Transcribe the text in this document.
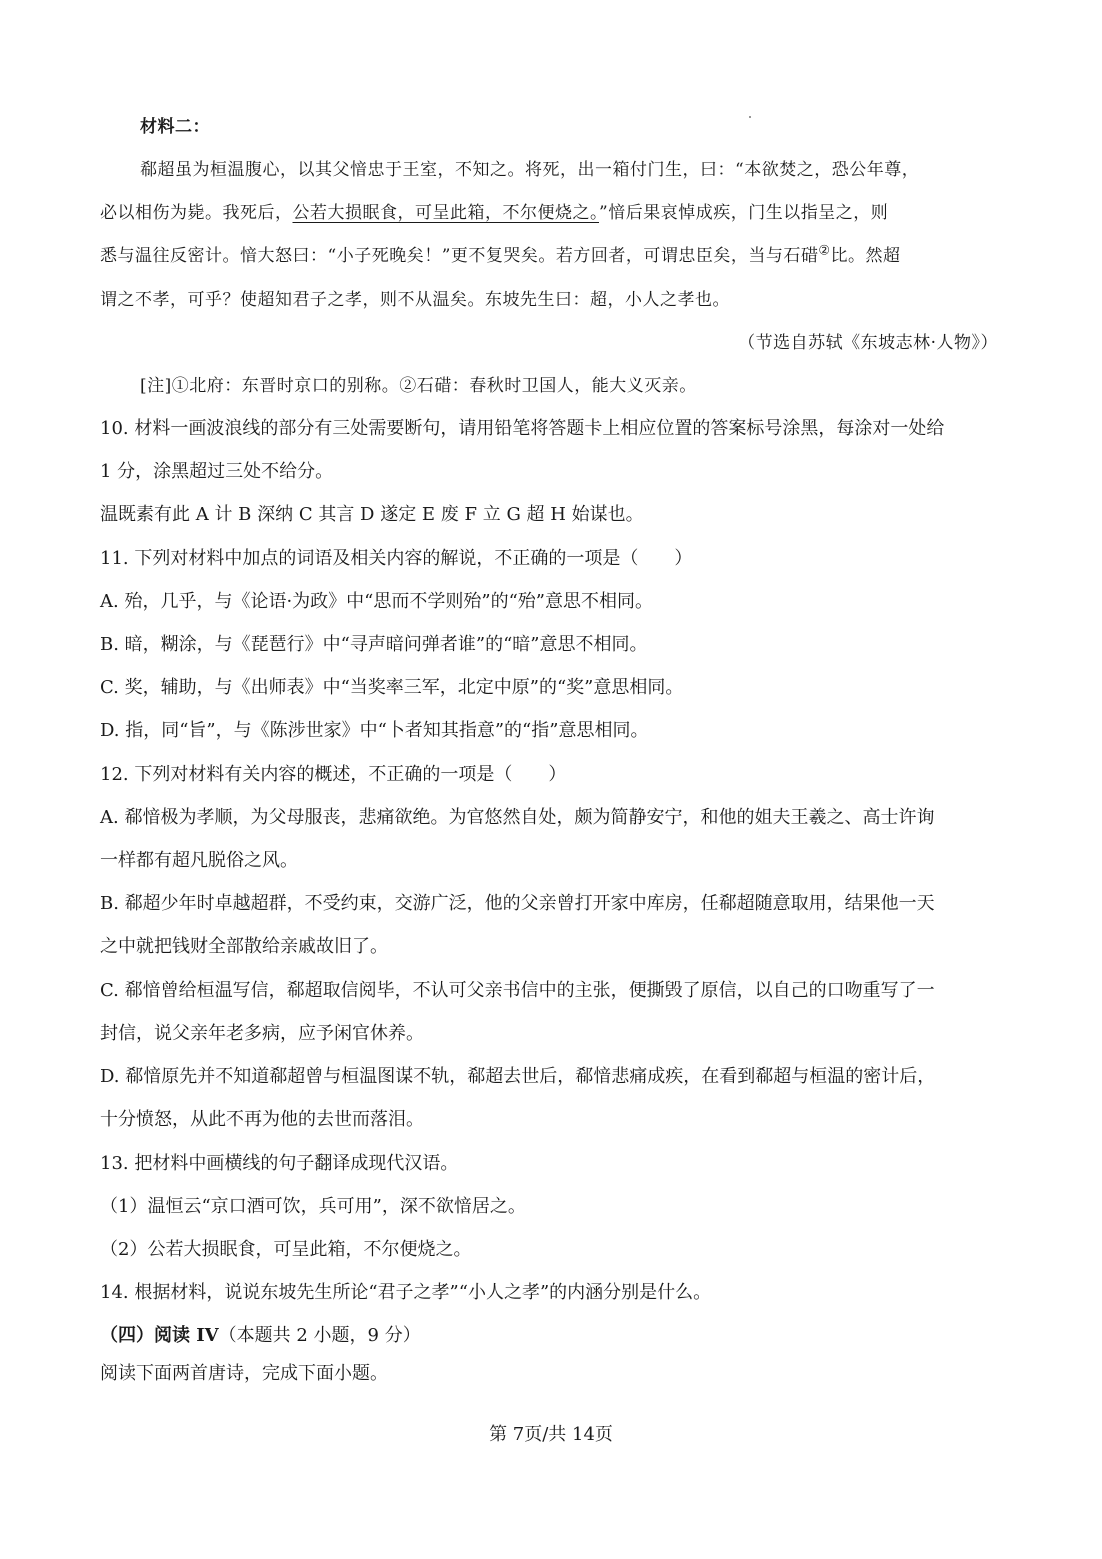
材料二：
郗超虽为桓温腹心，以其父愔忠于王室，不知之。将死，出一箱付门生，曰：“本欲焚之，恐公年尊，
必以相伤为毙。我死后，公若大损眠食，可呈此箱，不尔便烧之。”愔后果哀悼成疾，门生以指呈之，则
悉与温往反密计。愔大怒曰：“小子死晚矣！”更不复哭矣。若方回者，可谓忠臣矣，当与石碏②比。然超
谓之不孝，可乎？使超知君子之孝，则不从温矣。东坡先生曰：超，小人之孝也。
（节选自苏轼《东坡志林·人物》）
[注]①北府：东晋时京口的别称。②石碏：春秋时卫国人，能大义灭亲。
10. 材料一画波浪线的部分有三处需要断句，请用铅笔将答题卡上相应位置的答案标号涂黑，每涂对一处给
1 分，涂黑超过三处不给分。
温既素有此 A 计 B 深纳 C 其言 D 遂定 E 废 F 立 G 超 H 始谋也。
11. 下列对材料中加点的词语及相关内容的解说，不正确的一项是（　　）
A. 殆，几乎，与《论语·为政》中“思而不学则殆”的“殆”意思不相同。
B. 暗，糊涂，与《琵琶行》中“寻声暗问弹者谁”的“暗”意思不相同。
C. 奖，辅助，与《出师表》中“当奖率三军，北定中原”的“奖”意思相同。
D. 指，同“旨”，与《陈涉世家》中“卜者知其指意”的“指”意思相同。
12. 下列对材料有关内容的概述，不正确的一项是（　　）
A. 郗愔极为孝顺，为父母服丧，悲痛欲绝。为官悠然自处，颇为简静安宁，和他的姐夫王羲之、高士许询
一样都有超凡脱俗之风。
B. 郗超少年时卓越超群，不受约束，交游广泛，他的父亲曾打开家中库房，任郗超随意取用，结果他一天
之中就把钱财全部散给亲戚故旧了。
C. 郗愔曾给桓温写信，郗超取信阅毕，不认可父亲书信中的主张，便撕毁了原信，以自己的口吻重写了一
封信，说父亲年老多病，应予闲官休养。
D. 郗愔原先并不知道郗超曾与桓温图谋不轨，郗超去世后，郗愔悲痛成疾，在看到郗超与桓温的密计后，
十分愤怒，从此不再为他的去世而落泪。
13. 把材料中画横线的句子翻译成现代汉语。
（1）温恒云“京口酒可饮，兵可用”，深不欲愔居之。
（2）公若大损眠食，可呈此箱，不尔便烧之。
14. 根据材料，说说东坡先生所论“君子之孝”“小人之孝”的内涵分别是什么。
（四）阅读 IV（本题共 2 小题，9 分）
阅读下面两首唐诗，完成下面小题。
第 7页/共 14页
